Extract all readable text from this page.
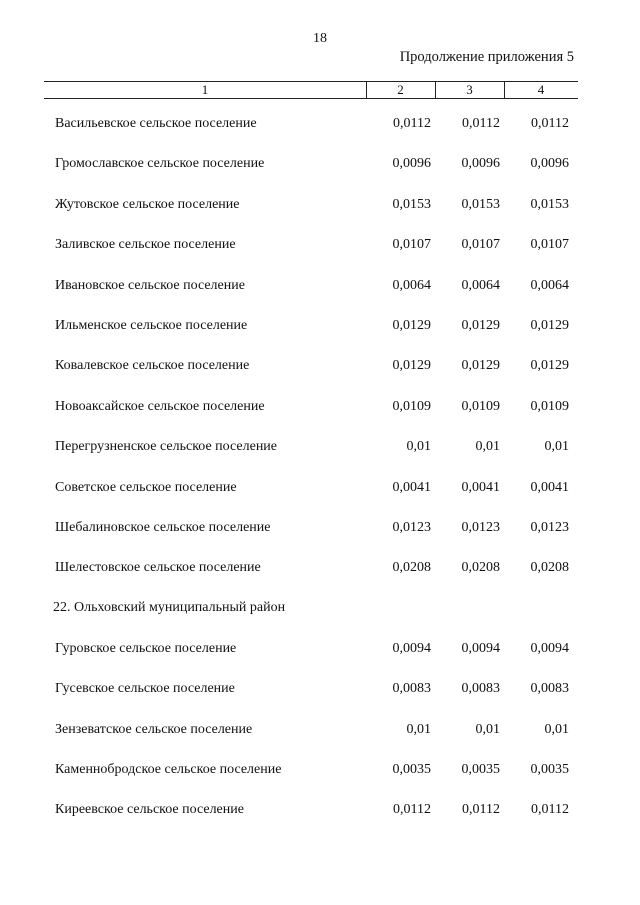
18
Продолжение приложения 5
1	2	3	4
Васильевское сельское поселение	0,0112	0,0112	0,0112
Громославское сельское поселение	0,0096	0,0096	0,0096
Жутовское сельское поселение	0,0153	0,0153	0,0153
Заливское сельское поселение	0,0107	0,0107	0,0107
Ивановское сельское поселение	0,0064	0,0064	0,0064
Ильменское сельское поселение	0,0129	0,0129	0,0129
Ковалевское сельское поселение	0,0129	0,0129	0,0129
Новоаксайское сельское поселение	0,0109	0,0109	0,0109
Перегрузненское сельское поселение	0,01	0,01	0,01
Советское сельское поселение	0,0041	0,0041	0,0041
Шебалиновское сельское поселение	0,0123	0,0123	0,0123
Шелестовское сельское поселение	0,0208	0,0208	0,0208
22. Ольховский муниципальный район
Гуровское сельское поселение	0,0094	0,0094	0,0094
Гусевское сельское поселение	0,0083	0,0083	0,0083
Зензеватское сельское поселение	0,01	0,01	0,01
Каменнобродское сельское поселение	0,0035	0,0035	0,0035
Киреевское сельское поселение	0,0112	0,0112	0,0112
